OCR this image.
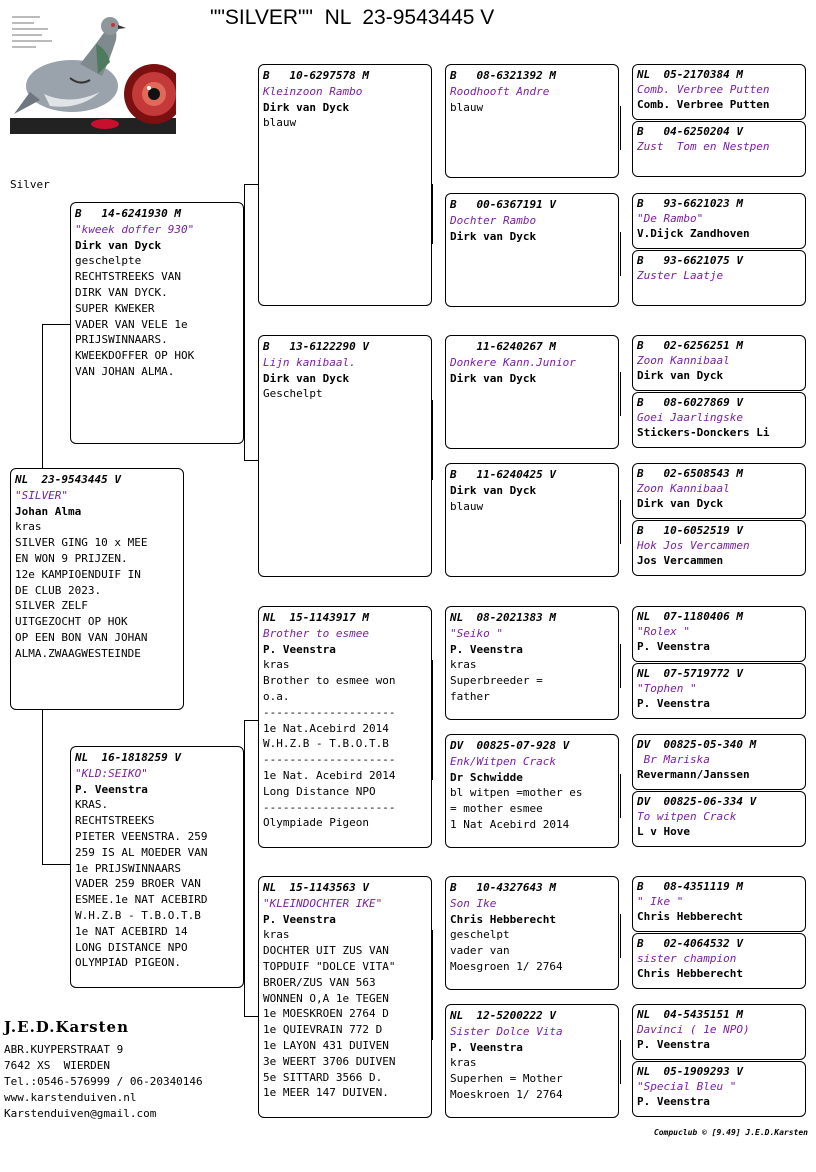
""SILVER""  NL  23-9543445 V
Silver
NL  23-9543445 V
"SILVER"
Johan Alma
kras
SILVER GING 10 x MEE
EN WON 9 PRIJZEN.
12e KAMPIOENDUIF IN
DE CLUB 2023.
SILVER ZELF
UITGEZOCHT OP HOK
OP EEN BON VAN JOHAN
ALMA.ZWAAGWESTEINDE
B   14-6241930 M
"kweek doffer 930"
Dirk van Dyck
geschelpte
RECHTSTREEKS VAN
DIRK VAN DYCK.
SUPER KWEKER
VADER VAN VELE 1e
PRIJSWINNAARS.
KWEEKDOFFER OP HOK
VAN JOHAN ALMA.
NL  16-1818259 V
"KLD:SEIKO"
P. Veenstra
KRAS.
RECHTSTREEKS
PIETER VEENSTRA. 259
259 IS AL MOEDER VAN
1e PRIJSWINNAARS
VADER 259 BROER VAN
ESMEE.1e NAT ACEBIRD
W.H.Z.B - T.B.O.T.B
1e NAT ACEBIRD 14
LONG DISTANCE NPO
OLYMPIAD PIGEON.
B   10-6297578 M
Kleinzoon Rambo
Dirk van Dyck
blauw
B   13-6122290 V
Lijn kanibaal.
Dirk van Dyck
Geschelpt
NL  15-1143917 M
Brother to esmee
P. Veenstra
kras
Brother to esmee won
o.a.
--------------------
1e Nat.Acebird 2014
W.H.Z.B - T.B.O.T.B
--------------------
1e Nat. Acebird 2014
Long Distance NPO
--------------------
Olympiade Pigeon
NL  15-1143563 V
"KLEINDOCHTER IKE"
P. Veenstra
kras
DOCHTER UIT ZUS VAN
TOPDUIF "DOLCE VITA"
BROER/ZUS VAN 563
WONNEN O,A 1e TEGEN
1e MOESKROEN 2764 D
1e QUIEVRAIN 772 D
1e LAYON 431 DUIVEN
3e WEERT 3706 DUIVEN
5e SITTARD 3566 D.
1e MEER 147 DUIVEN.
B   08-6321392 M
Roodhooft Andre
blauw
B   00-6367191 V
Dochter Rambo
Dirk van Dyck
11-6240267 M
Donkere Kann.Junior
Dirk van Dyck
B   11-6240425 V
Dirk van Dyck
blauw
NL  08-2021383 M
"Seiko "
P. Veenstra
kras
Superbreeder =
father
DV  00825-07-928 V
Enk/Witpen Crack
Dr Schwidde
bl witpen =mother es
= mother esmee
1 Nat Acebird 2014
B   10-4327643 M
Son Ike
Chris Hebberecht
geschelpt
vader van
Moesgroen 1/ 2764
NL  12-5200222 V
Sister Dolce Vita
P. Veenstra
kras
Superhen = Mother
Moeskroen 1/ 2764
NL  05-2170384 M
Comb. Verbree Putten
Comb. Verbree Putten
B   04-6250204 V
Zust  Tom en Nestpen
B   93-6621023 M
"De Rambo"
V.Dijck Zandhoven
B   93-6621075 V
Zuster Laatje
B   02-6256251 M
Zoon Kannibaal
Dirk van Dyck
B   08-6027869 V
Goei Jaarlingske
Stickers-Donckers Li
B   02-6508543 M
Zoon Kannibaal
Dirk van Dyck
B   10-6052519 V
Hok Jos Vercammen
Jos Vercammen
NL  07-1180406 M
"Rolex "
P. Veenstra
NL  07-5719772 V
"Tophen "
P. Veenstra
DV  00825-05-340 M
Br Mariska
Revermann/Janssen
DV  00825-06-334 V
To witpen Crack
L v Hove
B   08-4351119 M
" Ike "
Chris Hebberecht
B   02-4064532 V
sister champion
Chris Hebberecht
NL  04-5435151 M
Davinci ( 1e NPO)
P. Veenstra
NL  05-1909293 V
"Special Bleu "
P. Veenstra
J.E.D.Karsten
ABR.KUYPERSTRAAT 9
7642 XS  WIERDEN
Tel.:0546-576999 / 06-20340146
www.karstenduiven.nl
Karstenduiven@gmail.com
Compuclub © [9.49] J.E.D.Karsten
